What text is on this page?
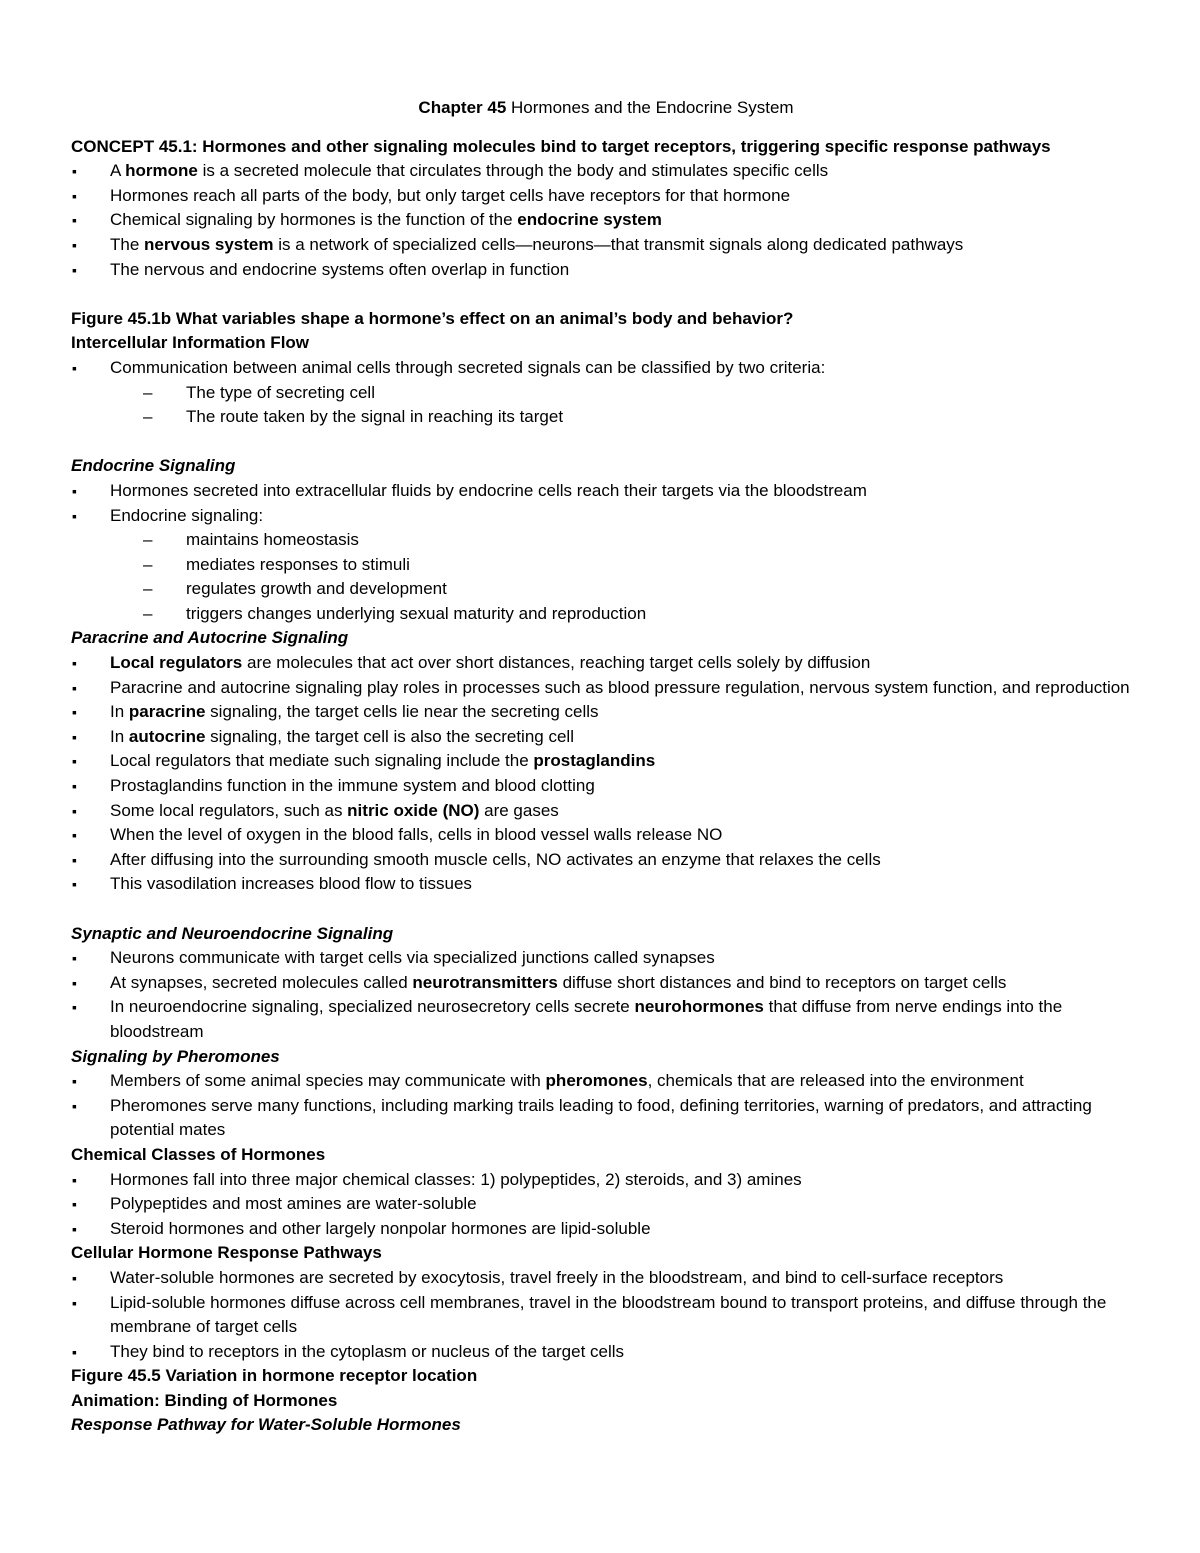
Chapter 45 Hormones and the Endocrine System

CONCEPT 45.1: Hormones and other signaling molecules bind to target receptors, triggering specific response pathways

▪ A hormone is a secreted molecule that circulates through the body and stimulates specific cells
▪ Hormones reach all parts of the body, but only target cells have receptors for that hormone
▪ Chemical signaling by hormones is the function of the endocrine system
▪ The nervous system is a network of specialized cells—neurons—that transmit signals along dedicated pathways
▪ The nervous and endocrine systems often overlap in function

Figure 45.1b What variables shape a hormone’s effect on an animal’s body and behavior?

Intercellular Information Flow

▪ Communication between animal cells through secreted signals can be classified by two criteria:
– The type of secreting cell
– The route taken by the signal in reaching its target

Endocrine Signaling

▪ Hormones secreted into extracellular fluids by endocrine cells reach their targets via the bloodstream
▪ Endocrine signaling:
– maintains homeostasis
– mediates responses to stimuli
– regulates growth and development
– triggers changes underlying sexual maturity and reproduction

Paracrine and Autocrine Signaling

▪ Local regulators are molecules that act over short distances, reaching target cells solely by diffusion
▪ Paracrine and autocrine signaling play roles in processes such as blood pressure regulation, nervous system function, and reproduction
▪ In paracrine signaling, the target cells lie near the secreting cells
▪ In autocrine signaling, the target cell is also the secreting cell
▪ Local regulators that mediate such signaling include the prostaglandins
▪ Prostaglandins function in the immune system and blood clotting
▪ Some local regulators, such as nitric oxide (NO) are gases
▪ When the level of oxygen in the blood falls, cells in blood vessel walls release NO
▪ After diffusing into the surrounding smooth muscle cells, NO activates an enzyme that relaxes the cells
▪ This vasodilation increases blood flow to tissues

Synaptic and Neuroendocrine Signaling

▪ Neurons communicate with target cells via specialized junctions called synapses
▪ At synapses, secreted molecules called neurotransmitters diffuse short distances and bind to receptors on target cells
▪ In neuroendocrine signaling, specialized neurosecretory cells secrete neurohormones that diffuse from nerve endings into the bloodstream

Signaling by Pheromones

▪ Members of some animal species may communicate with pheromones, chemicals that are released into the environment
▪ Pheromones serve many functions, including marking trails leading to food, defining territories, warning of predators, and attracting potential mates

Chemical Classes of Hormones

▪ Hormones fall into three major chemical classes: 1) polypeptides, 2) steroids, and 3) amines
▪ Polypeptides and most amines are water-soluble
▪ Steroid hormones and other largely nonpolar hormones are lipid-soluble

Cellular Hormone Response Pathways

▪ Water-soluble hormones are secreted by exocytosis, travel freely in the bloodstream, and bind to cell-surface receptors
▪ Lipid-soluble hormones diffuse across cell membranes, travel in the bloodstream bound to transport proteins, and diffuse through the membrane of target cells
▪ They bind to receptors in the cytoplasm or nucleus of the target cells

Figure 45.5 Variation in hormone receptor location

Animation: Binding of Hormones

Response Pathway for Water-Soluble Hormones
